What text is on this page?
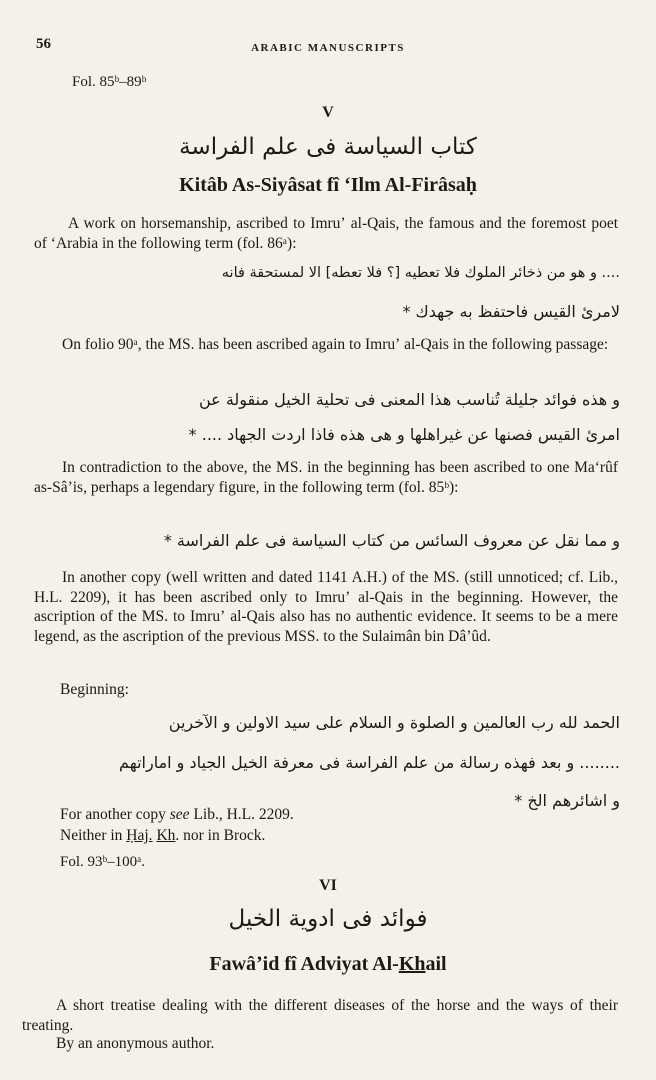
56	ARABIC MANUSCRIPTS
Fol. 85ᵇ–89ᵇ
V
كتاب السياسة فى علم الفراسة
Kitâb As-Siyâsat fî ʻIlm Al-Firâsaḥ
A work on horsemanship, ascribed to Imruʼ al-Qais, the famous and the foremost poet of ʻArabia in the following term (fol. 86ᵃ):
.... و هو من ذخائر الملوك فلا تعطيه [؟ فلا تعطه] الا لمستحقة فانه
لامرئ القيس فاحتفظ به جهدك *
On folio 90ᵃ, the MS. has been ascribed again to Imruʼ al-Qais in the following passage:
و هذه فوائد جليلة تُناسب هذا المعنى فى تحلية الخيل منقولة عن
امرئ القيس فصنها عن غيراهلها و هى هذه فاذا اردت الجهاد .... *
In contradiction to the above, the MS. in the beginning has been ascribed to one Maʻrûf as-Sâʼis, perhaps a legendary figure, in the following term (fol. 85ᵇ):
و مما نقل عن معروف السائس من كتاب السياسة فى علم الفراسة *
In another copy (well written and dated 1141 A.H.) of the MS. (still unnoticed; cf. Lib., H.L. 2209), it has been ascribed only to Imruʼ al-Qais in the beginning. However, the ascription of the MS. to Imruʼ al-Qais also has no authentic evidence. It seems to be a mere legend, as the ascription of the previous MSS. to the Sulaimân bin Dâʼûd.
Beginning:
الحمد لله رب العالمين و الصلوة و السلام على سيد الاولين و الآخرين
........ و بعد فهذه رسالة من علم الفراسة فى معرفة الخيل الجياد و اماراتهم
و اشائرهم الخ *
For another copy see Lib., H.L. 2209.
Neither in Ḥaj. Kh. nor in Brock.
Fol. 93ᵇ–100ᵃ.
VI
فوائد فى ادوية الخيل
Fawâʼid fî Adviyat Al-Khail
A short treatise dealing with the different diseases of the horse and the ways of their treating.
By an anonymous author.
